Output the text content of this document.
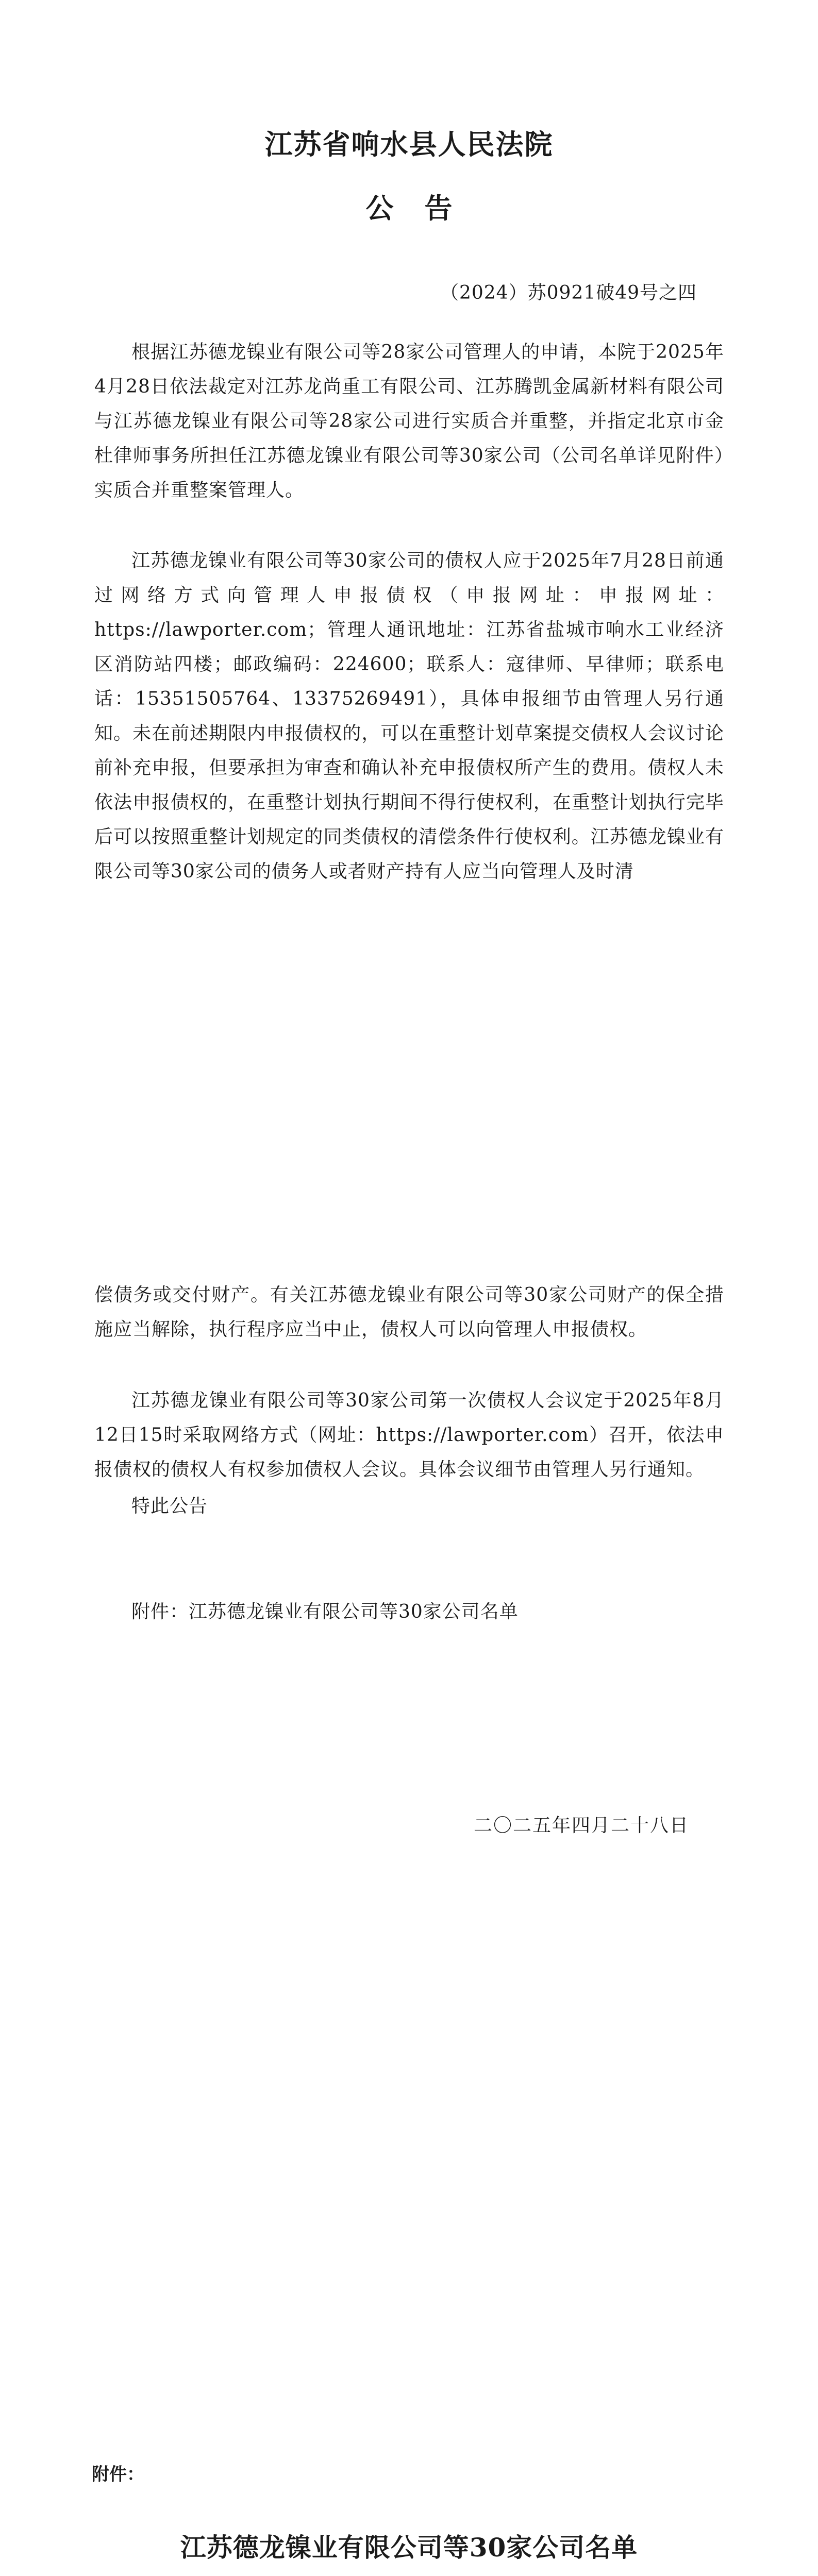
江苏省响水县人民法院
公告
（2024）苏0921破49号之四

根据江苏德龙镍业有限公司等28家公司管理人的申请，本院于2025年4月28日依法裁定对江苏龙尚重工有限公司、江苏腾凯金属新材料有限公司与江苏德龙镍业有限公司等28家公司进行实质合并重整，并指定北京市金杜律师事务所担任江苏德龙镍业有限公司等30家公司（公司名单详见附件）实质合并重整案管理人。

江苏德龙镍业有限公司等30家公司的债权人应于2025年7月28日前通过网络方式向管理人申报债权（申报网址：申报网址：https://lawporter.com；管理人通讯地址：江苏省盐城市响水工业经济区消防站四楼；邮政编码：224600；联系人：寇律师、早律师；联系电话：15351505764、13375269491），具体申报细节由管理人另行通知。未在前述期限内申报债权的，可以在重整计划草案提交债权人会议讨论前补充申报，但要承担为审查和确认补充申报债权所产生的费用。债权人未依法申报债权的，在重整计划执行期间不得行使权利，在重整计划执行完毕后可以按照重整计划规定的同类债权的清偿条件行使权利。江苏德龙镍业有限公司等30家公司的债务人或者财产持有人应当向管理人及时清

偿债务或交付财产。有关江苏德龙镍业有限公司等30家公司财产的保全措施应当解除，执行程序应当中止，债权人可以向管理人申报债权。

江苏德龙镍业有限公司等30家公司第一次债权人会议定于2025年8月12日15时采取网络方式（网址：https://lawporter.com）召开，依法申报债权的债权人有权参加债权人会议。具体会议细节由管理人另行通知。

特此公告
附件：江苏德龙镍业有限公司等30家公司名单
二〇二五年四月二十八日
附件：
江苏德龙镍业有限公司等30家公司名单
